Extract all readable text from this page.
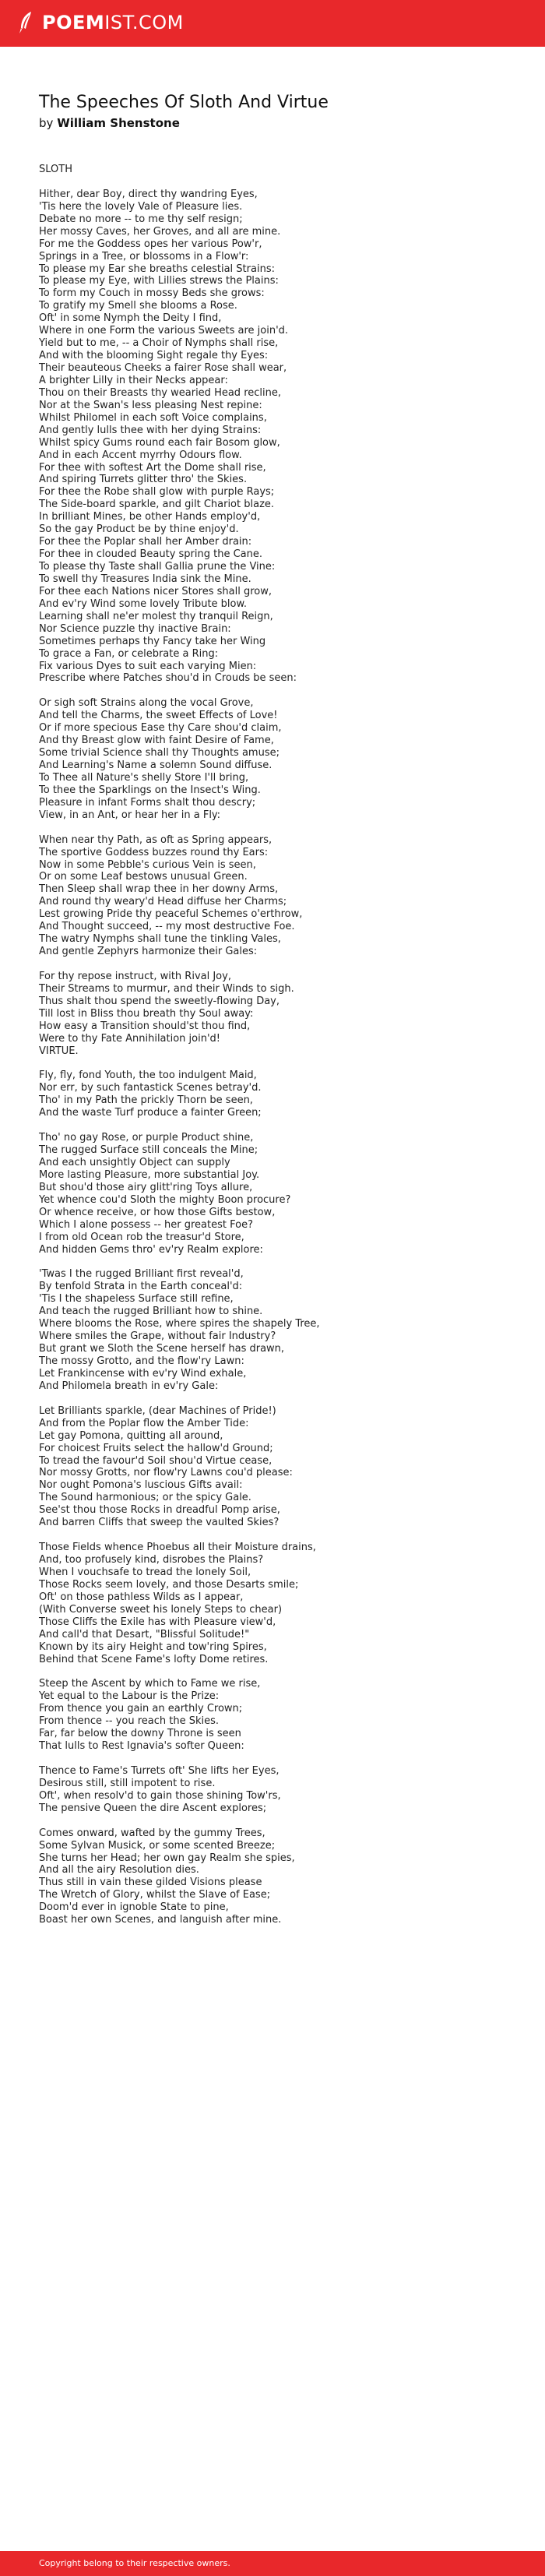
POEM IST.COM
The Speeches Of Sloth And Virtue
by William Shenstone
SLOTH
Hither, dear Boy, direct thy wandring Eyes,
'Tis here the lovely Vale of Pleasure lies.
Debate no more -- to me thy self resign;
Her mossy Caves, her Groves, and all are mine.
For me the Goddess opes her various Pow'r,
Springs in a Tree, or blossoms in a Flow'r:
To please my Ear she breaths celestial Strains:
To please my Eye, with Lillies strews the Plains:
To form my Couch in mossy Beds she grows:
To gratify my Smell she blooms a Rose.
Oft' in some Nymph the Deity I find,
Where in one Form the various Sweets are join'd.
Yield but to me, -- a Choir of Nymphs shall rise,
And with the blooming Sight regale thy Eyes:
Their beauteous Cheeks a fairer Rose shall wear,
A brighter Lilly in their Necks appear:
Thou on their Breasts thy wearied Head recline,
Nor at the Swan's less pleasing Nest repine:
Whilst Philomel in each soft Voice complains,
And gently lulls thee with her dying Strains:
Whilst spicy Gums round each fair Bosom glow,
And in each Accent myrrhy Odours flow.
For thee with softest Art the Dome shall rise,
And spiring Turrets glitter thro' the Skies.
For thee the Robe shall glow with purple Rays;
The Side-board sparkle, and gilt Chariot blaze.
In brilliant Mines, be other Hands employ'd,
So the gay Product be by thine enjoy'd.
For thee the Poplar shall her Amber drain:
For thee in clouded Beauty spring the Cane.
To please thy Taste shall Gallia prune the Vine:
To swell thy Treasures India sink the Mine.
For thee each Nations nicer Stores shall grow,
And ev'ry Wind some lovely Tribute blow.
Learning shall ne'er molest thy tranquil Reign,
Nor Science puzzle thy inactive Brain:
Sometimes perhaps thy Fancy take her Wing
To grace a Fan, or celebrate a Ring:
Fix various Dyes to suit each varying Mien:
Prescribe where Patches shou'd in Crouds be seen:
Or sigh soft Strains along the vocal Grove,
And tell the Charms, the sweet Effects of Love!
Or if more specious Ease thy Care shou'd claim,
And thy Breast glow with faint Desire of Fame,
Some trivial Science shall thy Thoughts amuse;
And Learning's Name a solemn Sound diffuse.
To Thee all Nature's shelly Store I'll bring,
To thee the Sparklings on the Insect's Wing.
Pleasure in infant Forms shalt thou descry;
View, in an Ant, or hear her in a Fly:
When near thy Path, as oft as Spring appears,
The sportive Goddess buzzes round thy Ears:
Now in some Pebble's curious Vein is seen,
Or on some Leaf bestows unusual Green.
Then Sleep shall wrap thee in her downy Arms,
And round thy weary'd Head diffuse her Charms;
Lest growing Pride thy peaceful Schemes o'erthrow,
And Thought succeed, -- my most destructive Foe.
The watry Nymphs shall tune the tinkling Vales,
And gentle Zephyrs harmonize their Gales:
For thy repose instruct, with Rival Joy,
Their Streams to murmur, and their Winds to sigh.
Thus shalt thou spend the sweetly-flowing Day,
Till lost in Bliss thou breath thy Soul away:
How easy a Transition should'st thou find,
Were to thy Fate Annihilation join'd!
VIRTUE.
Fly, fly, fond Youth, the too indulgent Maid,
Nor err, by such fantastick Scenes betray'd.
Tho' in my Path the prickly Thorn be seen,
And the waste Turf produce a fainter Green;
Tho' no gay Rose, or purple Product shine,
The rugged Surface still conceals the Mine;
And each unsightly Object can supply
More lasting Pleasure, more substantial Joy.
But shou'd those airy glitt'ring Toys allure,
Yet whence cou'd Sloth the mighty Boon procure?
Or whence receive, or how those Gifts bestow,
Which I alone possess -- her greatest Foe?
I from old Ocean rob the treasur'd Store,
And hidden Gems thro' ev'ry Realm explore:
'Twas I the rugged Brilliant first reveal'd,
By tenfold Strata in the Earth conceal'd:
'Tis I the shapeless Surface still refine,
And teach the rugged Brilliant how to shine.
Where blooms the Rose, where spires the shapely Tree,
Where smiles the Grape, without fair Industry?
But grant we Sloth the Scene herself has drawn,
The mossy Grotto, and the flow'ry Lawn:
Let Frankincense with ev'ry Wind exhale,
And Philomela breath in ev'ry Gale:
Let Brilliants sparkle, (dear Machines of Pride!)
And from the Poplar flow the Amber Tide:
Let gay Pomona, quitting all around,
For choicest Fruits select the hallow'd Ground;
To tread the favour'd Soil shou'd Virtue cease,
Nor mossy Grotts, nor flow'ry Lawns cou'd please:
Nor ought Pomona's luscious Gifts avail:
The Sound harmonious; or the spicy Gale.
See'st thou those Rocks in dreadful Pomp arise,
And barren Cliffs that sweep the vaulted Skies?
Those Fields whence Phoebus all their Moisture drains,
And, too profusely kind, disrobes the Plains?
When I vouchsafe to tread the lonely Soil,
Those Rocks seem lovely, and those Desarts smile;
Oft' on those pathless Wilds as I appear,
(With Converse sweet his lonely Steps to chear)
Those Cliffs the Exile has with Pleasure view'd,
And call'd that Desart, "Blissful Solitude!"
Known by its airy Height and tow'ring Spires,
Behind that Scene Fame's lofty Dome retires.
Steep the Ascent by which to Fame we rise,
Yet equal to the Labour is the Prize:
From thence you gain an earthly Crown;
From thence -- you reach the Skies.
Far, far below the downy Throne is seen
That lulls to Rest Ignavia's softer Queen:
Thence to Fame's Turrets oft' She lifts her Eyes,
Desirous still, still impotent to rise.
Oft', when resolv'd to gain those shining Tow'rs,
The pensive Queen the dire Ascent explores;
Comes onward, wafted by the gummy Trees,
Some Sylvan Musick, or some scented Breeze;
She turns her Head; her own gay Realm she spies,
And all the airy Resolution dies.
Thus still in vain these gilded Visions please
The Wretch of Glory, whilst the Slave of Ease;
Doom'd ever in ignoble State to pine,
Boast her own Scenes, and languish after mine.
Copyright belong to their respective owners.
